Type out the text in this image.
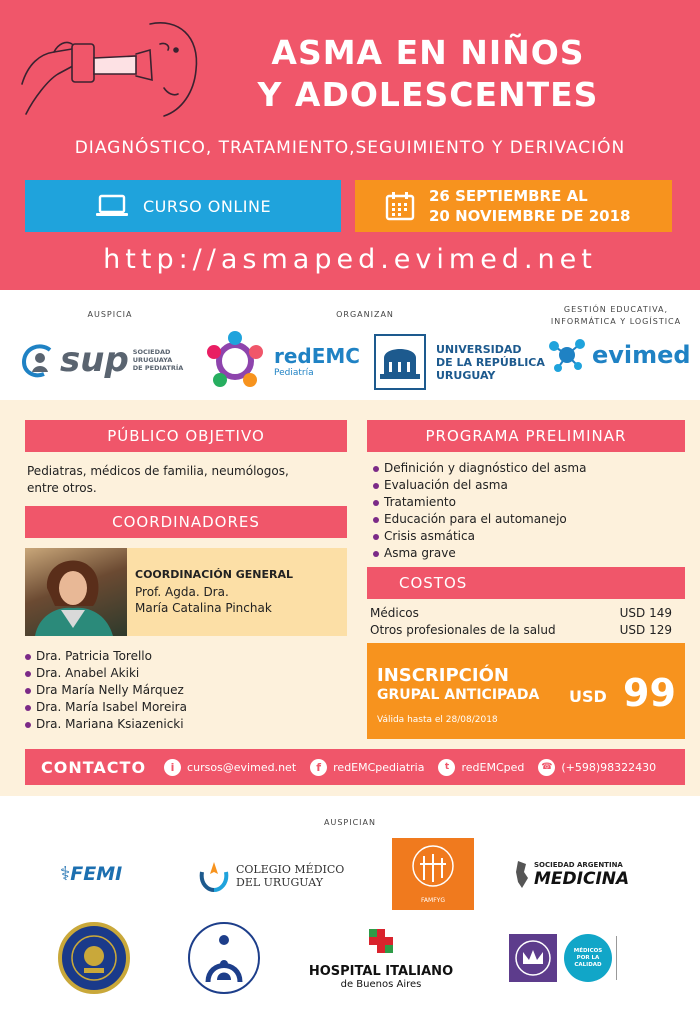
ASMA EN NIÑOS
Y ADOLESCENTES
DIAGNÓSTICO, TRATAMIENTO,SEGUIMIENTO Y DERIVACIÓN
CURSO ONLINE
26 SEPTIEMBRE AL
20 NOVIEMBRE DE 2018
http://asmaped.evimed.net
AUSPICIA	ORGANIZAN
GESTIÓN EDUCATIVA,
INFORMÁTICA Y LOGÍSTICA
sup SOCIEDAD
URUGUAYA
DE PEDIATRÍA	redEMC
Pediatría
UNIVERSIDAD
DE LA REPÚBLICA
URUGUAY
evimed
PÚBLICO OBJETIVO
Pediatras, médicos de familia, neumólogos,
entre otros.
COORDINADORES
COORDINACIÓN GENERAL
Prof. Agda. Dra.
María Catalina Pinchak
Dra. Patricia Torello
Dra. Anabel Akiki
Dra María Nelly Márquez
Dra. María Isabel Moreira
Dra. Mariana Ksiazenicki
PROGRAMA PRELIMINAR
Definición y diagnóstico del asma
Evaluación del asma
Tratamiento
Educación para el automanejo
Crisis asmática
Asma grave
COSTOS
Médicos	USD 149
Otros profesionales de la salud	USD 129
INSCRIPCIÓN
GRUPAL ANTICIPADA
Válida hasta el 28/08/2018
USD 99
CONTACTO	i	cursos@evimed.net	f	redEMCpediatria	t	redEMCped	☎ (+598)98322430
AUSPICIAN
⚕FEMI	COLEGIO MÉDICO
DEL URUGUAY
FAMFYG
SOCIEDAD ARGENTINA
MEDICINA
HOSPITAL ITALIANO
de Buenos Aires
MÉDICOS
POR LA
CALIDAD
